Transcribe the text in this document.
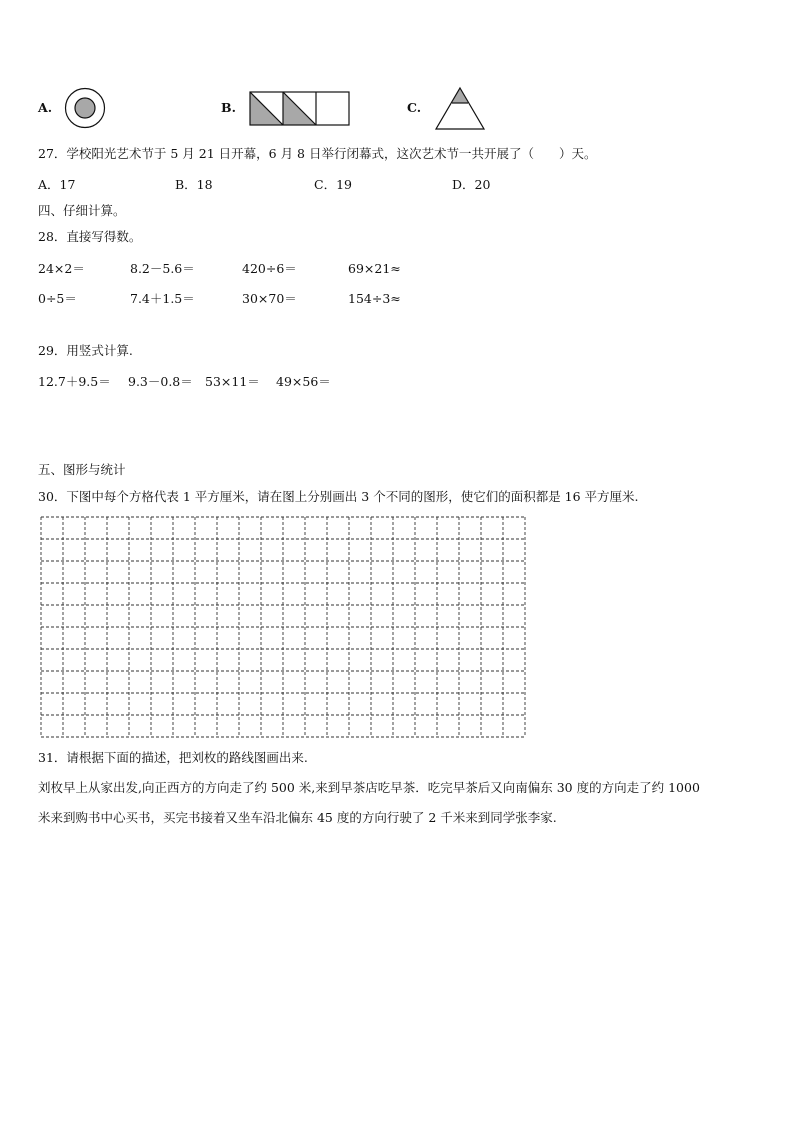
A.	B.	C.
27．学校阳光艺术节于 5 月 21 日开幕，6 月 8 日举行闭幕式，这次艺术节一共开展了（　　）天。
A．17	B．18	C．19	D．20
四、仔细计算。
28．直接写得数。
24×2＝	8.2－5.6＝	420÷6＝	69×21≈
0÷5＝	7.4＋1.5＝	30×70＝	154÷3≈
29．用竖式计算.
12.7＋9.5＝ 9.3－0.8＝ 53×11＝ 49×56＝
五、图形与统计
30．下图中每个方格代表 1 平方厘米，请在图上分别画出 3 个不同的图形，使它们的面积都是 16 平方厘米.
31．请根据下面的描述，把刘枚的路线图画出来.
刘枚早上从家出发,向正西方的方向走了约 500 米,来到早茶店吃早茶．吃完早茶后又向南偏东 30 度的方向走了约 1000
米来到购书中心买书，买完书接着又坐车沿北偏东 45 度的方向行驶了 2 千米来到同学张李家.
